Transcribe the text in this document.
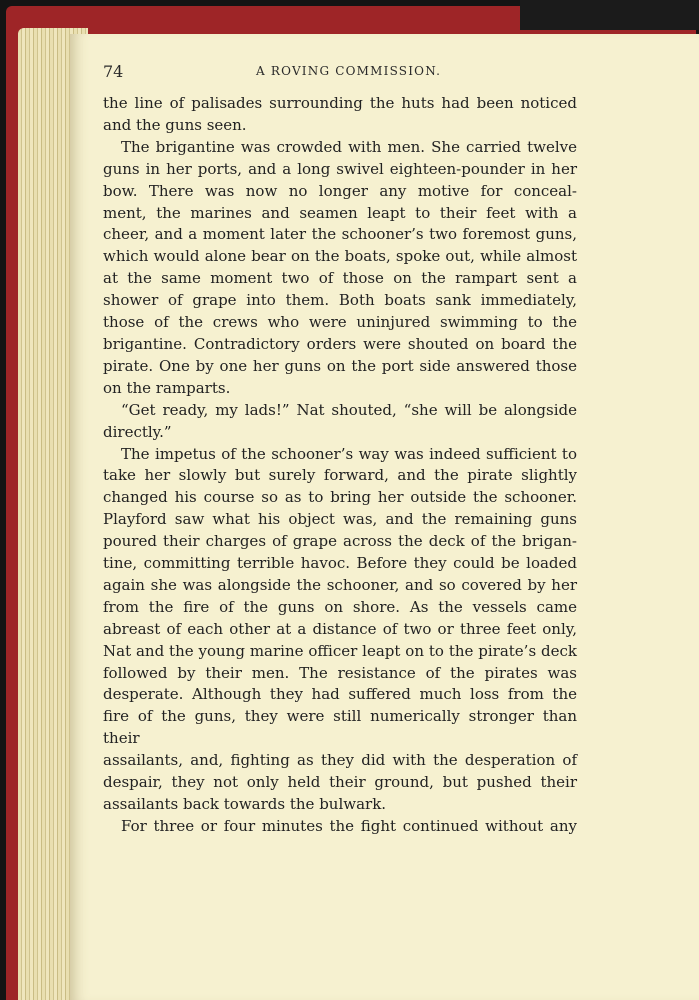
74	A ROVING COMMISSION.

the line of palisades surrounding the huts had been noticed

and the guns seen.

The brigantine was crowded with men. She carried twelve
guns in her ports, and a long swivel eighteen-pounder in her
bow. There was now no longer any motive for conceal-
ment, the marines and seamen leapt to their feet with a
cheer, and a moment later the schooner’s two foremost guns,
which would alone bear on the boats, spoke out, while almost
at the same moment two of those on the rampart sent a
shower of grape into them. Both boats sank immediately,
those of the crews who were uninjured swimming to the
brigantine. Contradictory orders were shouted on board the
pirate. One by one her guns on the port side answered those

on the ramparts.

“Get ready, my lads!” Nat shouted, “she will be alongside

directly.”

The impetus of the schooner’s way was indeed sufficient to
take her slowly but surely forward, and the pirate slightly
changed his course so as to bring her outside the schooner.
Playford saw what his object was, and the remaining guns
poured their charges of grape across the deck of the brigan-
tine, committing terrible havoc. Before they could be loaded
again she was alongside the schooner, and so covered by her
from the fire of the guns on shore. As the vessels came
abreast of each other at a distance of two or three feet only,
Nat and the young marine officer leapt on to the pirate’s deck
followed by their men. The resistance of the pirates was
desperate. Although they had suffered much loss from the
fire of the guns, they were still numerically stronger than their
assailants, and, fighting as they did with the desperation of
despair, they not only held their ground, but pushed their

assailants back towards the bulwark.

For three or four minutes the fight continued without any
